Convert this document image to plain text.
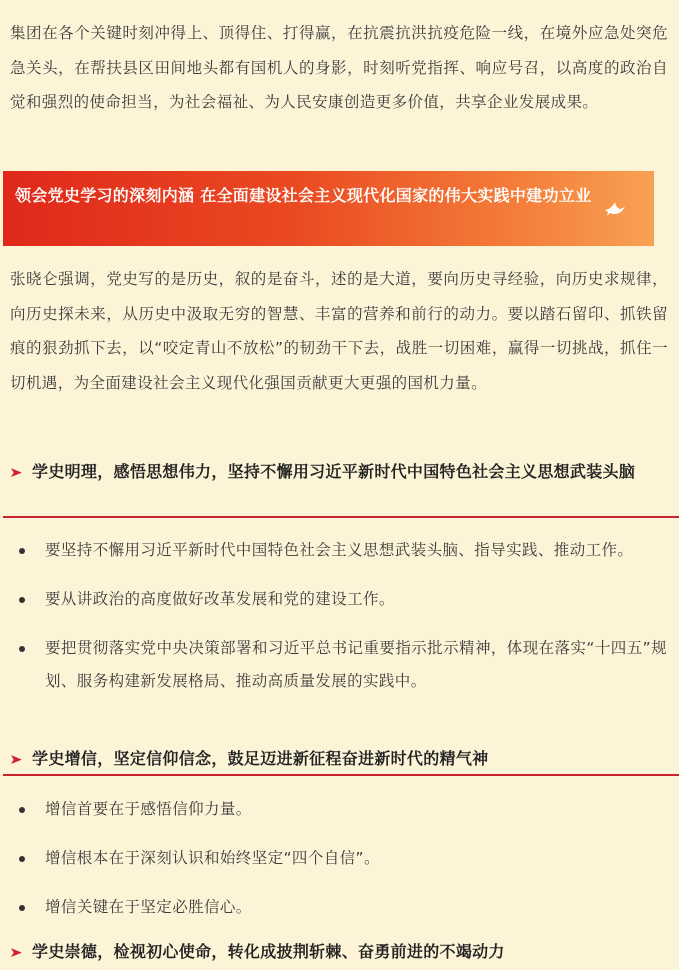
集团在各个关键时刻冲得上、顶得住、打得赢，在抗震抗洪抗疫危险一线，在境外应急处突危急关头，在帮扶县区田间地头都有国机人的身影，时刻听党指挥、响应号召，以高度的政治自觉和强烈的使命担当，为社会福祉、为人民安康创造更多价值，共享企业发展成果。

领会党史学习的深刻内涵 在全面建设社会主义现代化国家的伟大实践中建功立业

张晓仑强调，党史写的是历史，叙的是奋斗，述的是大道，要向历史寻经验，向历史求规律，向历史探未来，从历史中汲取无穷的智慧、丰富的营养和前行的动力。要以踏石留印、抓铁留痕的狠劲抓下去，以“咬定青山不放松”的韧劲干下去，战胜一切困难，赢得一切挑战，抓住一切机遇，为全面建设社会主义现代化强国贡献更大更强的国机力量。

➤ 学史明理，感悟思想伟力，坚持不懈用习近平新时代中国特色社会主义思想武装头脑
要坚持不懈用习近平新时代中国特色社会主义思想武装头脑、指导实践、推动工作。
要从讲政治的高度做好改革发展和党的建设工作。
要把贯彻落实党中央决策部署和习近平总书记重要指示批示精神，体现在落实“十四五”规划、服务构建新发展格局、推动高质量发展的实践中。
➤ 学史增信，坚定信仰信念，鼓足迈进新征程奋进新时代的精气神
增信首要在于感悟信仰力量。
增信根本在于深刻认识和始终坚定“四个自信”。
增信关键在于坚定必胜信心。
➤ 学史崇德，检视初心使命，转化成披荆斩棘、奋勇前进的不竭动力
